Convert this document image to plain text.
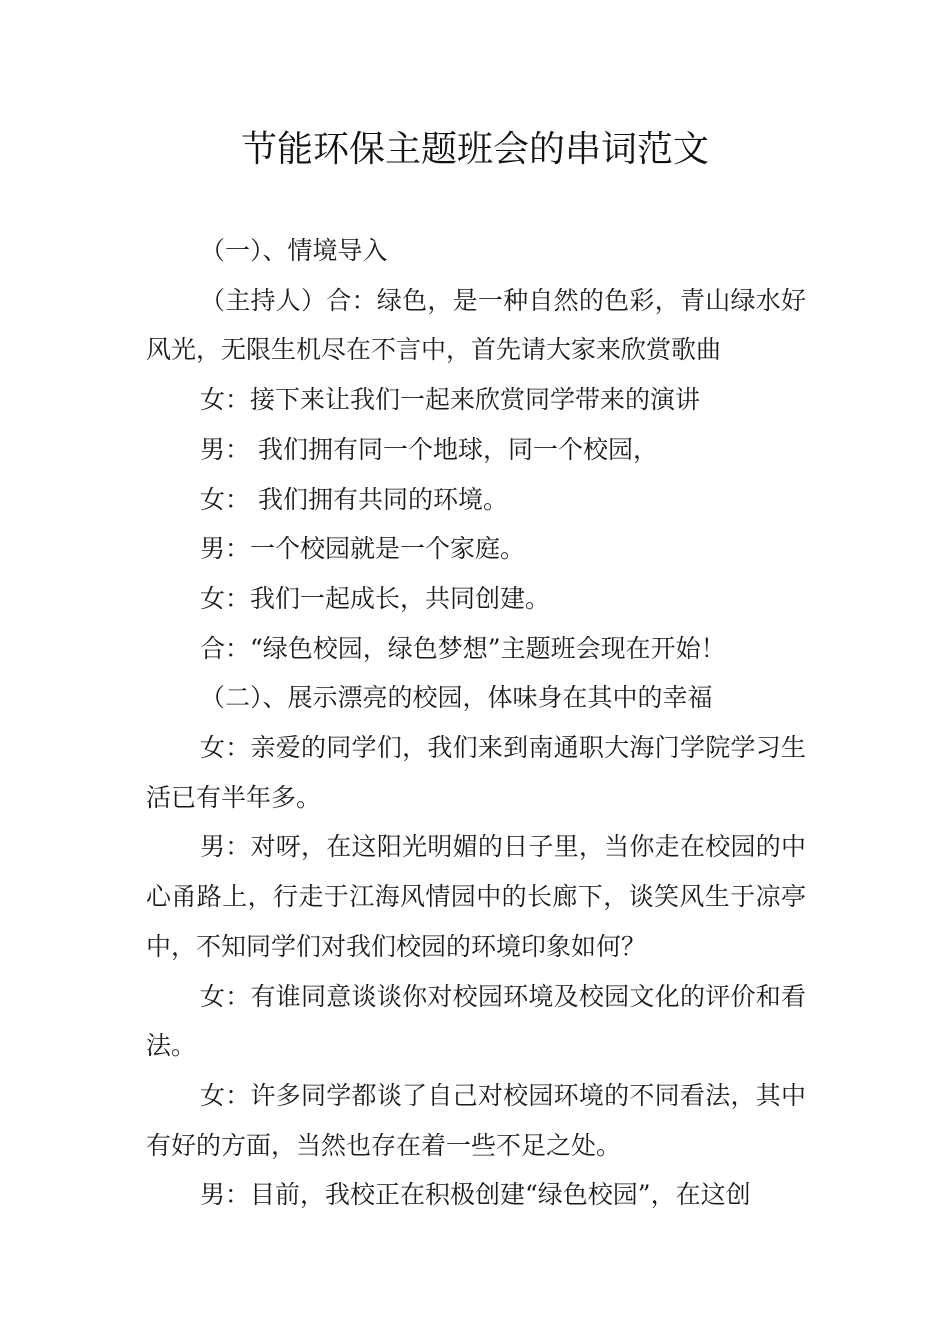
节能环保主题班会的串词范文

（一）、情境导入

（主持人）合：绿色，是一种自然的色彩，青山绿水好风光，无限生机尽在不言中，首先请大家来欣赏歌曲

女：接下来让我们一起来欣赏同学带来的演讲

男： 我们拥有同一个地球，同一个校园，

女： 我们拥有共同的环境。

男：一个校园就是一个家庭。

女：我们一起成长，共同创建。

合：“绿色校园，绿色梦想”主题班会现在开始！

（二）、展示漂亮的校园，体味身在其中的幸福

女：亲爱的同学们，我们来到南通职大海门学院学习生活已有半年多。

男：对呀，在这阳光明媚的日子里，当你走在校园的中心甬路上，行走于江海风情园中的长廊下，谈笑风生于凉亭中，不知同学们对我们校园的环境印象如何？

女：有谁同意谈谈你对校园环境及校园文化的评价和看法。

女：许多同学都谈了自己对校园环境的不同看法，其中有好的方面，当然也存在着一些不足之处。

男：目前，我校正在积极创建“绿色校园”，在这创
